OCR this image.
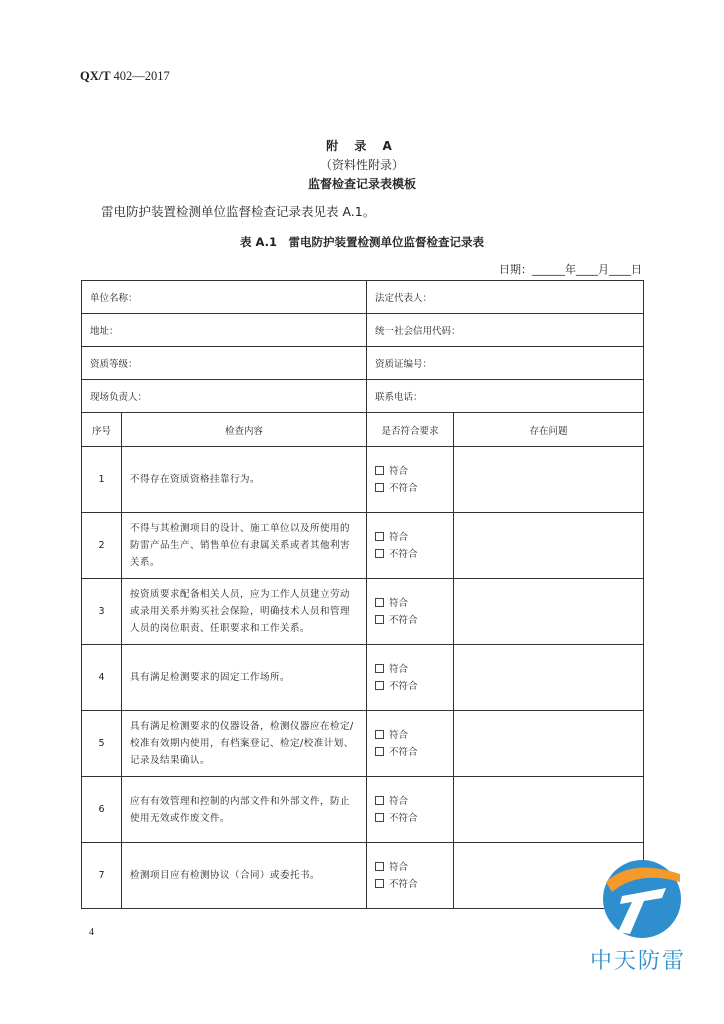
QX/T 402—2017
附 录 A
（资料性附录）
监督检查记录表模板
雷电防护装置检测单位监督检查记录表见表 A.1。
表 A.1　雷电防护装置检测单位监督检查记录表
日期：______年____月____日
单位名称：		法定代表人：	
地址：		统一社会信用代码：	
资质等级：		资质证编号：	
现场负责人：		联系电话：	
序号	检查内容	是否符合要求	存在问题
1	不得存在资质资格挂靠行为。	符合
不符合	

2	不得与其检测项目的设计、施工单位以及所使用的防雷产品生产、销售单位有隶属关系或者其他利害关系。	符合
不符合	

3	按资质要求配备相关人员，应为工作人员建立劳动或录用关系并购买社会保险，明确技术人员和管理人员的岗位职责、任职要求和工作关系。	符合
不符合	

4	具有满足检测要求的固定工作场所。	符合
不符合	

5	具有满足检测要求的仪器设备，检测仪器应在检定/校准有效期内使用，有档案登记、检定/校准计划、记录及结果确认。	符合
不符合	

6	应有有效管理和控制的内部文件和外部文件，防止使用无效或作废文件。	符合
不符合	

7	检测项目应有检测协议（合同）或委托书。	符合
不符合	

4
中天防雷
